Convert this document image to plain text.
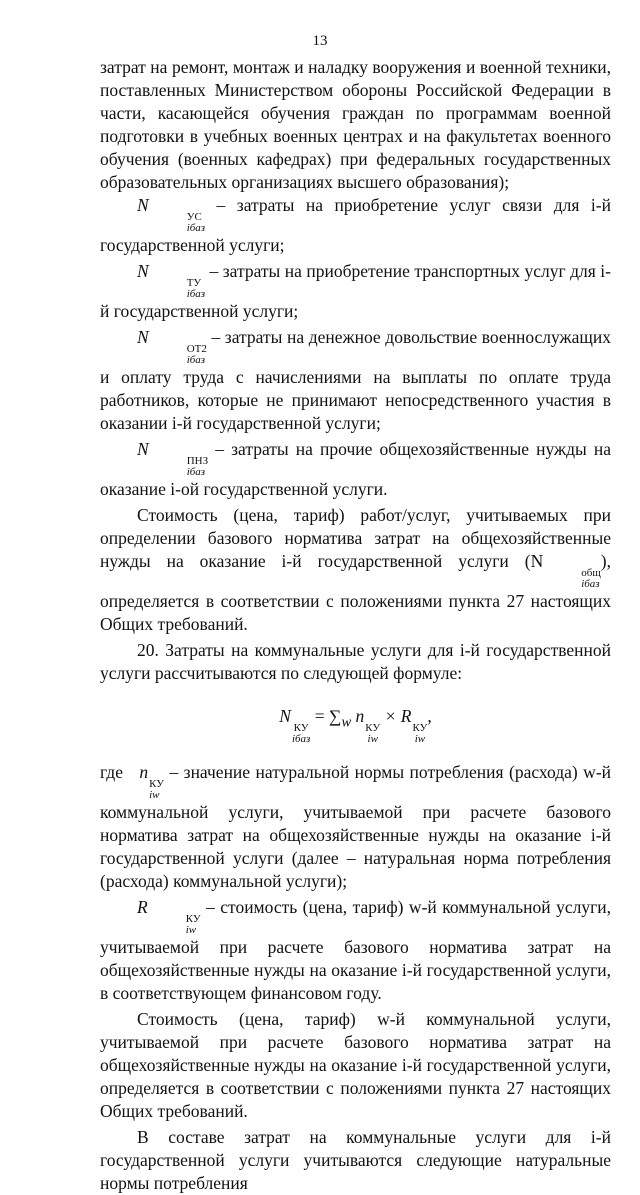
13

затрат на ремонт, монтаж и наладку вооружения и военной техники, поставленных Министерством обороны Российской Федерации в части, касающейся обучения граждан по программам военной подготовки в учебных военных центрах и на факультетах военного обучения (военных кафедрах) при федеральных государственных образовательных организациях высшего образования);

N
УС
iбаз
– затраты на приобретение услуг связи для i-й государственной услуги;

N
ТУ
iбаз
– затраты на приобретение транспортных услуг для i-й государственной услуги;

N
ОТ2
iбаз
– затраты на денежное довольствие военнослужащих и оплату труда с начислениями на выплаты по оплате труда работников, которые не принимают непосредственного участия в оказании i-й государственной услуги;

N
ПНЗ
iбаз
– затраты на прочие общехозяйственные нужды на оказание i-ой государственной услуги.

Стоимость (цена, тариф) работ/услуг, учитываемых при определении базового норматива затрат на общехозяйственные нужды на оказание i-й государственной услуги (N
общ
iбаз
), определяется в соответствии с положениями пункта 27 настоящих Общих требований.

20. Затраты на коммунальные услуги для i-й государственной услуги рассчитываются по следующей формуле:

N
КУ
iбаз
= $\sum_w$ n
КУ
iw
× R
КУ
iw
,

где n
КУ
iw
– значение натуральной нормы потребления (расхода) w-й коммунальной услуги, учитываемой при расчете базового норматива затрат на общехозяйственные нужды на оказание i-й государственной услуги (далее – натуральная норма потребления (расхода) коммунальной услуги);

R
КУ
iw
– стоимость (цена, тариф) w-й коммунальной услуги, учитываемой при расчете базового норматива затрат на общехозяйственные нужды на оказание i-й государственной услуги, в соответствующем финансовом году.

Стоимость (цена, тариф) w-й коммунальной услуги, учитываемой при расчете базового норматива затрат на общехозяйственные нужды на оказание i-й государственной услуги, определяется в соответствии с положениями пункта 27 настоящих Общих требований.

В составе затрат на коммунальные услуги для i-й государственной услуги учитываются следующие натуральные нормы потребления
